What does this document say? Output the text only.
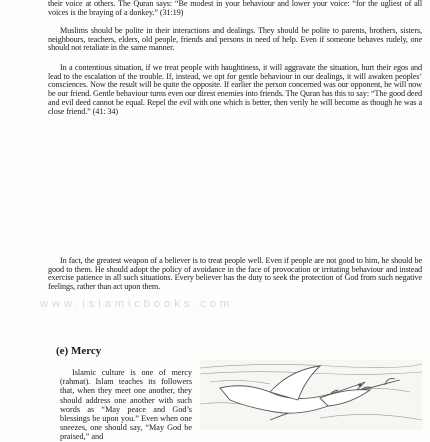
their voice at others. The Quran says: “Be modest in your behaviour and lower your voice: “for the ugliest of all voices is the braying of a donkey.” (31:19)

Muslims should be polite in their interactions and dealings. They should be polite to parents, brothers, sisters, neighbours, teachers, elders, old people, friends and persons in need of help. Even if someone behaves rudely, one should not retaliate in the same manner.

In a contentious situation, if we treat people with haughtiness, it will aggravate the situation, hurt their egos and lead to the escalation of the trouble. If, instead, we opt for gentle behaviour in our dealings, it will awaken peoples’ consciences. Now the result will be quite the opposite. If earlier the person concerned was our opponent, he will now be our friend. Gentle behaviour turns even our direst enemies into friends. The Quran has this to say: “The good deed and evil deed cannot be equal. Repel the evil with one which is better, then verily he will become as though he was a close friend.” (41: 34)

In fact, the greatest weapon of a believer is to treat people well. Even if people are not good to him, he should be good to them. He should adopt the policy of avoidance in the face of provocation or irritating behaviour and instead exercise patience in all such situations. Every believer has the duty to seek the protection of God from such negative feelings, rather than act upon them.

www.islamicbooks.com
(e) Mercy

Islamic culture is one of mercy (rahmat). Islam teaches its followers that, when they meet one another, they should address one another with such words as “May peace and God’s blessings be upon you.” Even when one sneezes, one should say, “May God be praised,” and
